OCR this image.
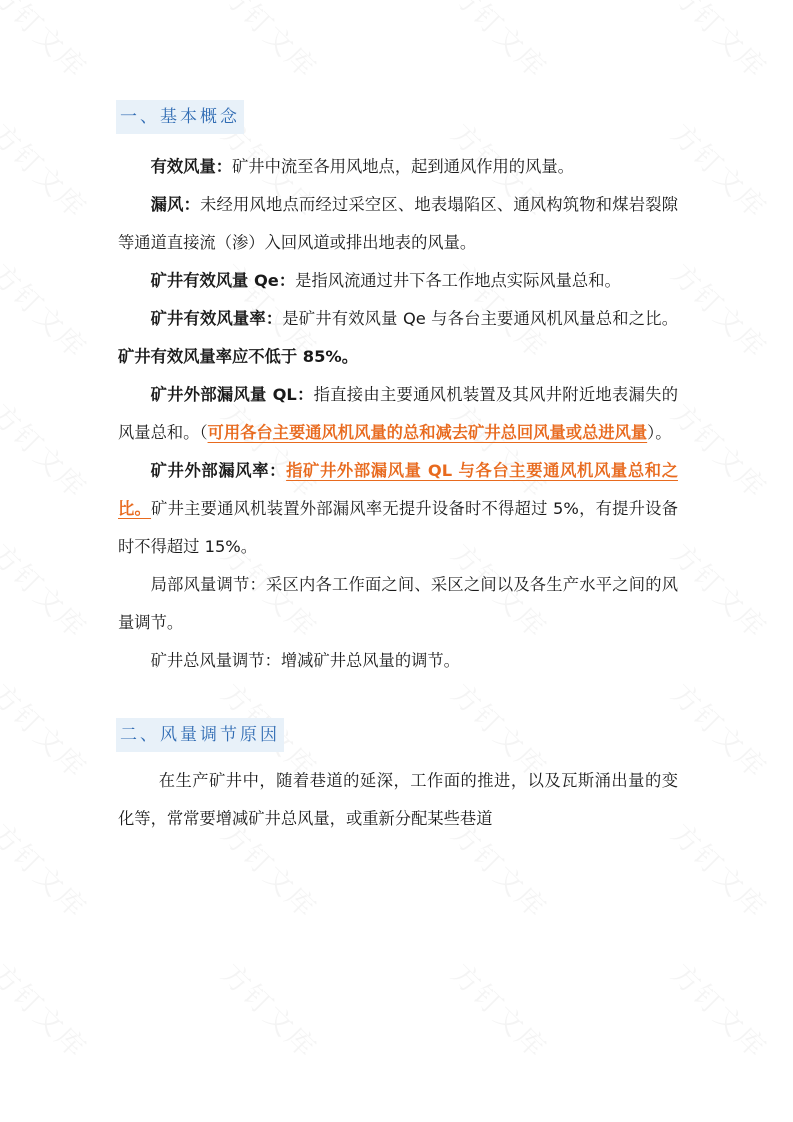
一、基本概念

有效风量：矿井中流至各用风地点，起到通风作用的风量。

漏风：未经用风地点而经过采空区、地表塌陷区、通风构筑物和煤岩裂隙等通道直接流（渗）入回风道或排出地表的风量。

矿井有效风量 Qe：是指风流通过井下各工作地点实际风量总和。

矿井有效风量率：是矿井有效风量 Qe 与各台主要通风机风量总和之比。矿井有效风量率应不低于 85%。

矿井外部漏风量 QL：指直接由主要通风机装置及其风井附近地表漏失的风量总和。（可用各台主要通风机风量的总和减去矿井总回风量或总进风量）。

矿井外部漏风率：指矿井外部漏风量 QL 与各台主要通风机风量总和之比。矿井主要通风机装置外部漏风率无提升设备时不得超过 5%，有提升设备时不得超过 15%。

局部风量调节：采区内各工作面之间、采区之间以及各生产水平之间的风量调节。

矿井总风量调节：增减矿井总风量的调节。

二、风量调节原因

在生产矿井中，随着巷道的延深，工作面的推进，以及瓦斯涌出量的变化等，常常要增减矿井总风量，或重新分配某些巷道
